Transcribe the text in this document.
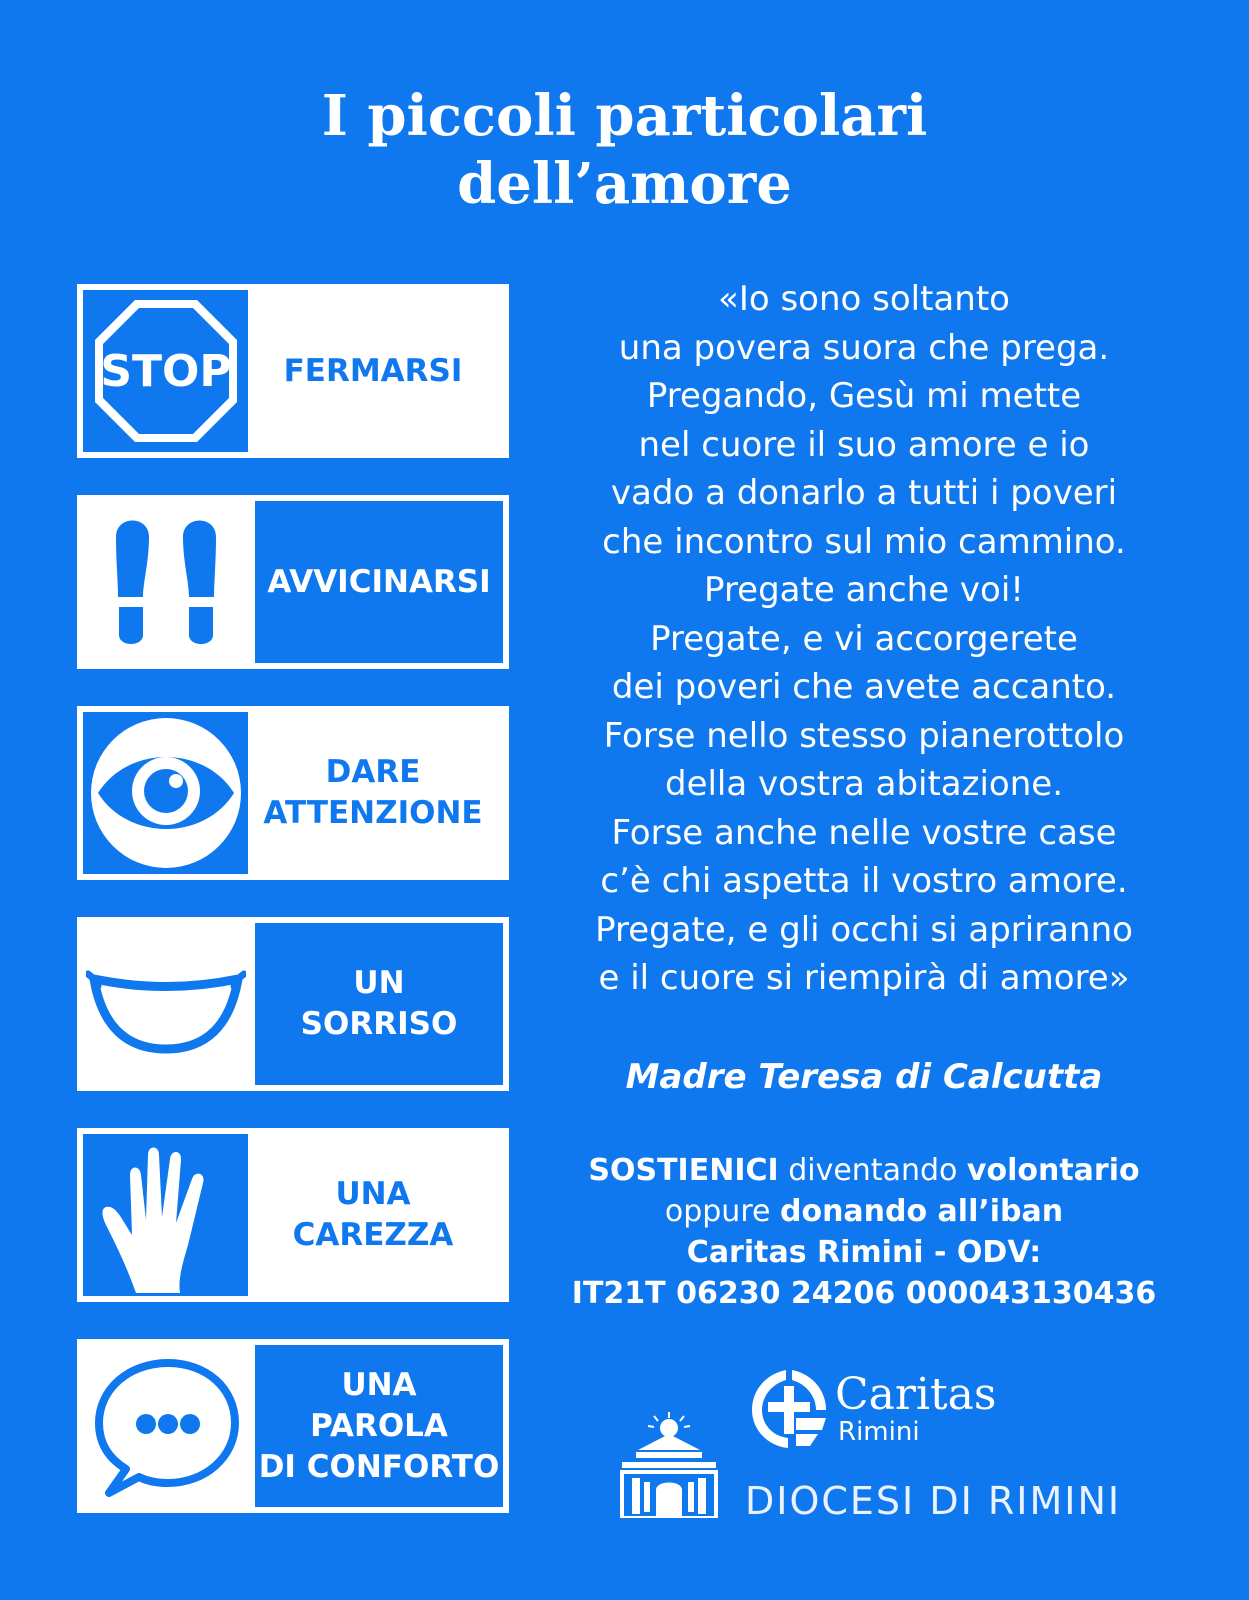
I piccoli particolari
dell’amore
STOP FERMARSI
AVVICINARSI
DARE
ATTENZIONE
UN
SORRISO
UNA
CAREZZA
UNA
PAROLA
DI CONFORTO
«Io sono soltanto
una povera suora che prega.
Pregando, Gesù mi mette
nel cuore il suo amore e io
vado a donarlo a tutti i poveri
che incontro sul mio cammino.
Pregate anche voi!
Pregate, e vi accorgerete
dei poveri che avete accanto.
Forse nello stesso pianerottolo
della vostra abitazione.
Forse anche nelle vostre case
c’è chi aspetta il vostro amore.
Pregate, e gli occhi si apriranno
e il cuore si riempirà di amore»
Madre Teresa di Calcutta
SOSTIENICI diventando volontario
oppure donando all’iban
Caritas Rimini - ODV:
IT21T 06230 24206 000043130436
Caritas
Rimini
DIOCESI DI RIMINI
